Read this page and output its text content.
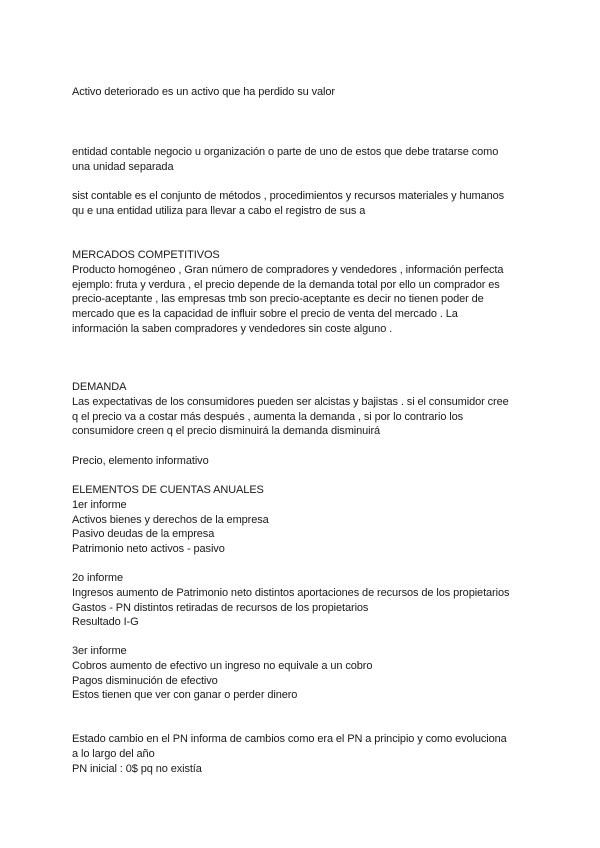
Activo deteriorado es un activo que ha perdido su valor
entidad contable negocio u organización o parte de uno de estos que debe tratarse como
una unidad separada
sist contable es el conjunto de métodos , procedimientos y recursos materiales y humanos
qu e una entidad utiliza para llevar a cabo el registro de sus a
MERCADOS COMPETITIVOS
Producto homogéneo , Gran número de compradores y vendedores , información perfecta
ejemplo: fruta y verdura , el precio depende de la demanda total por ello un comprador es
precio-aceptante , las empresas tmb son precio-aceptante es decir no tienen poder de
mercado que es la capacidad de influir sobre el precio de venta del mercado . La
información la saben compradores y vendedores sin coste alguno .
DEMANDA
Las expectativas de los consumidores pueden ser alcistas y bajistas . si el consumidor cree
q el precio va a costar más después , aumenta la demanda , si por lo contrario los
consumidore creen q el precio disminuirá la demanda disminuirá
Precio, elemento informativo
ELEMENTOS DE CUENTAS ANUALES
1er informe
Activos bienes y derechos de la empresa
Pasivo deudas de la empresa
Patrimonio neto activos - pasivo
2o informe
Ingresos aumento de Patrimonio neto distintos aportaciones de recursos de los propietarios
Gastos - PN distintos retiradas de recursos de los propietarios
Resultado I-G
3er informe
Cobros aumento de efectivo un ingreso no equivale a un cobro
Pagos disminución de efectivo
Estos tienen que ver con ganar o perder dinero
Estado cambio en el PN informa de cambios como era el PN a principio y como evoluciona
a lo largo del año
PN inicial : 0$ pq no existía
